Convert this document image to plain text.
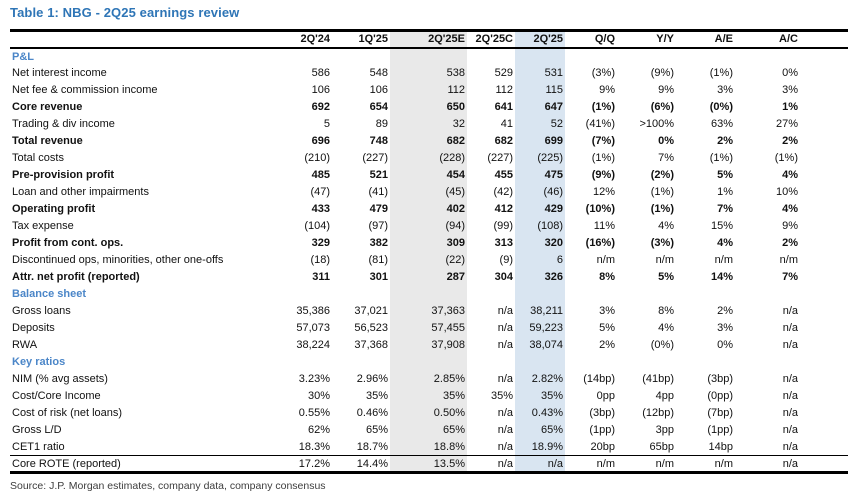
Table 1: NBG - 2Q25 earnings review
	2Q'24	1Q'25	2Q'25E	2Q'25C	2Q'25	Q/Q	Y/Y	A/E	A/C	
P&L										
Net interest income	586	548	538	529	531	(3%)	(9%)	(1%)	0%	
Net fee & commission income	106	106	112	112	115	9%	9%	3%	3%	
Core revenue	692	654	650	641	647	(1%)	(6%)	(0%)	1%	
Trading & div income	5	89	32	41	52	(41%)	>100%	63%	27%	
Total revenue	696	748	682	682	699	(7%)	0%	2%	2%	
Total costs	(210)	(227)	(228)	(227)	(225)	(1%)	7%	(1%)	(1%)	
Pre-provision profit	485	521	454	455	475	(9%)	(2%)	5%	4%	
Loan and other impairments	(47)	(41)	(45)	(42)	(46)	12%	(1%)	1%	10%	
Operating profit	433	479	402	412	429	(10%)	(1%)	7%	4%	
Tax expense	(104)	(97)	(94)	(99)	(108)	11%	4%	15%	9%	
Profit from cont. ops.	329	382	309	313	320	(16%)	(3%)	4%	2%	
Discontinued ops, minorities, other one-offs	(18)	(81)	(22)	(9)	6	n/m	n/m	n/m	n/m	
Attr. net profit (reported)	311	301	287	304	326	8%	5%	14%	7%	
Balance sheet										
Gross loans	35,386	37,021	37,363	n/a	38,211	3%	8%	2%	n/a	
Deposits	57,073	56,523	57,455	n/a	59,223	5%	4%	3%	n/a	
RWA	38,224	37,368	37,908	n/a	38,074	2%	(0%)	0%	n/a	
Key ratios										
NIM (% avg assets)	3.23%	2.96%	2.85%	n/a	2.82%	(14bp)	(41bp)	(3bp)	n/a	
Cost/Core Income	30%	35%	35%	35%	35%	0pp	4pp	(0pp)	n/a	
Cost of risk (net loans)	0.55%	0.46%	0.50%	n/a	0.43%	(3bp)	(12bp)	(7bp)	n/a	
Gross L/D	62%	65%	65%	n/a	65%	(1pp)	3pp	(1pp)	n/a	
CET1 ratio	18.3%	18.7%	18.8%	n/a	18.9%	20bp	65bp	14bp	n/a	
Core ROTE (reported)	17.2%	14.4%	13.5%	n/a	n/a	n/m	n/m	n/m	n/a	
Source: J.P. Morgan estimates, company data, company consensus
